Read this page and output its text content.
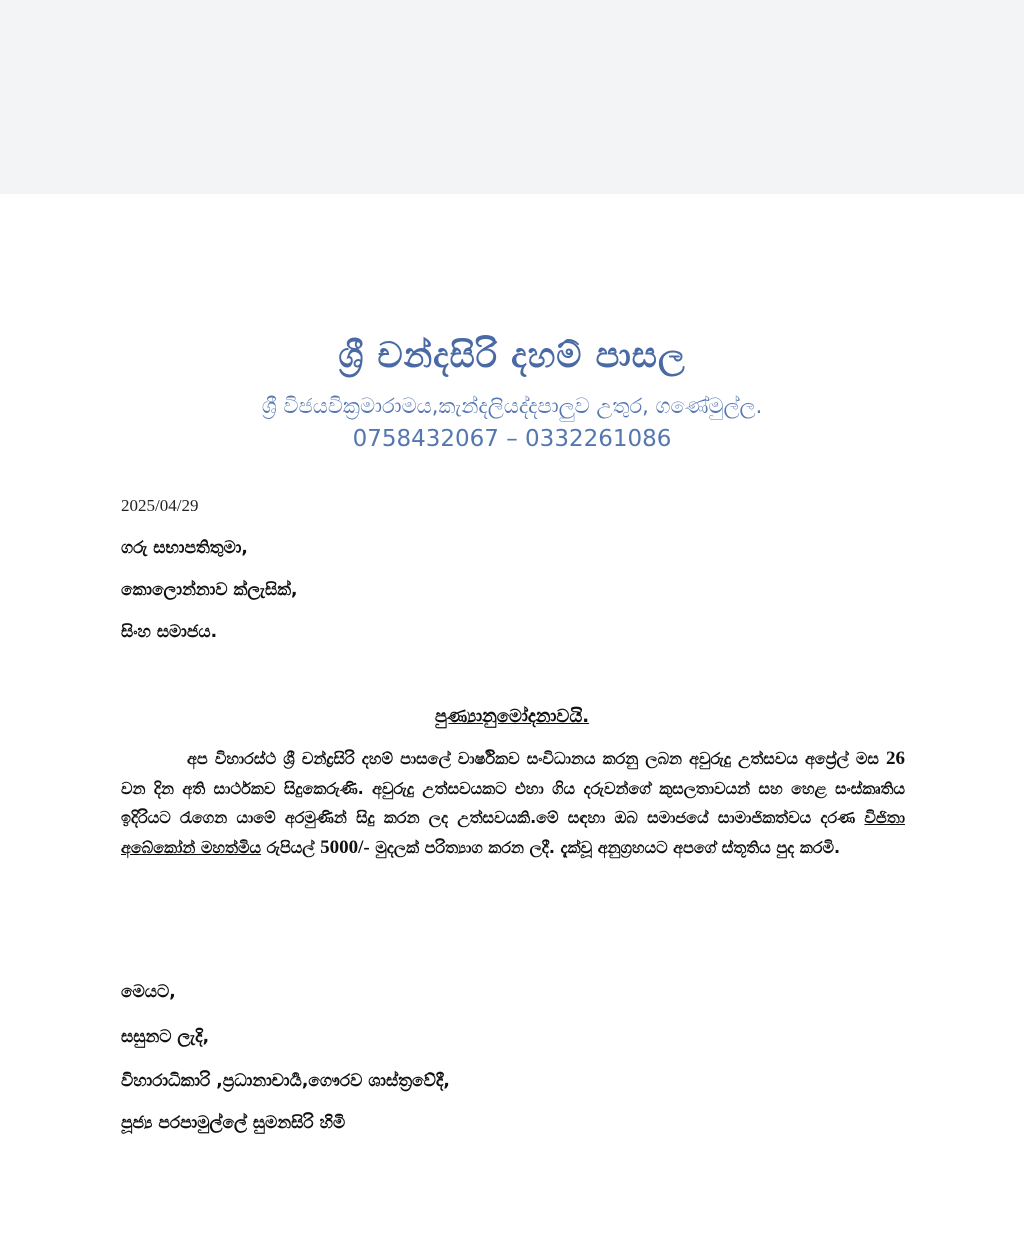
ශ්‍රී චන්දසිරි දහම් පාසල
ශ්‍රී විජයවික්‍රමාරාමය,කැන්දලියද්දපාලුව උතුර, ගණේමුල්ල.
0758432067 – 0332261086
2025/04/29
ගරු සභාපතිතුමා,
කොලොන්නාව ක්ලැසික්,
සිංහ සමාජය.
පුණ්‍යානුමෝදනාවයි.
අප විහාරස්ථ ශ්‍රී චන්ද්‍රසිරි දහම් පාසලේ වාර්ෂිකව සංවිධානය කරනු ලබන අවුරුදු උත්සවය අප්‍රේල් මස 26 වන දින අති සාර්ථකව සිදුකෙරුණි. අවුරුදු උත්සවයකට එහා ගිය දරුවන්ගේ කුසලතාවයන් සහ හෙළ සංස්කෘතිය ඉදිරියට රැගෙන යාමේ අරමුණින් සිදු කරන ලද උත්සවයකි.මේ සඳහා ඔබ සමාජයේ සාමාජිකත්වය දරණ විජිතා අබේකෝන් මහත්මිය රුපියල් 5000/- මුදලක් පරිත්‍යාග කරන ලදී. දැක්වූ අනුග්‍රහයට අපගේ ස්තූතිය පුද කරමි.
මෙයට,
සසුනට ලැදි,
විහාරාධිකාරි ,ප්‍රධානාචාර්‍ය,ගෞරව ශාස්ත්‍රවේදී,
පූජ්‍ය පරපාමුල්ලේ සුමනසිරි හිමි
